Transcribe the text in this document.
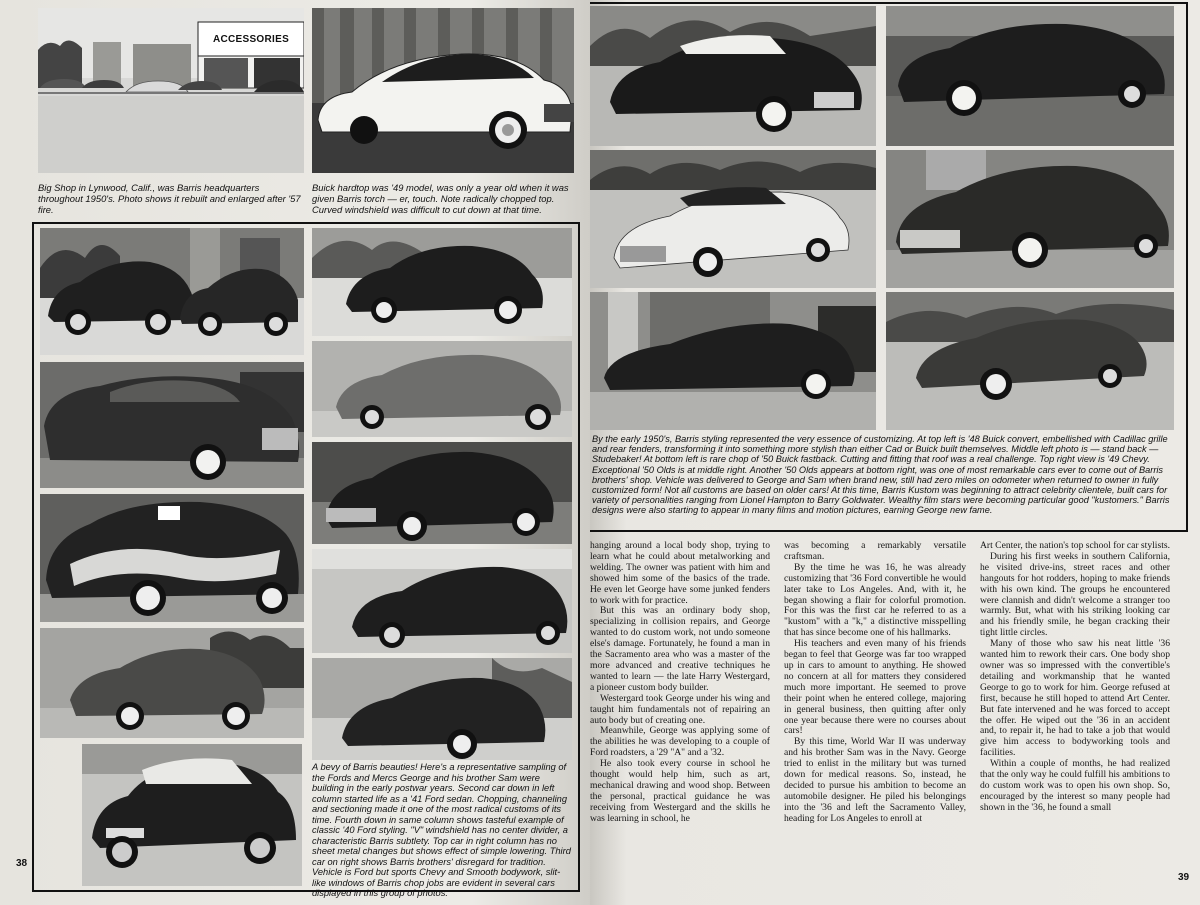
ACCESSORIES
Big Shop in Lynwood, Calif., was Barris headquarters throughout 1950's. Photo shows it rebuilt and enlarged after '57 fire.
Buick hardtop was '49 model, was only a year old when it was given Barris torch — er, touch. Note radically chopped top. Curved windshield was difficult to cut down at that time.
A bevy of Barris beauties! Here's a representative sampling of the Fords and Mercs George and his brother Sam were building in the early postwar years. Second car down in left column started life as a '41 Ford sedan. Chopping, channeling and sectioning made it one of the most radical customs of its time. Fourth down in same column shows tasteful example of classic '40 Ford styling. "V" windshield has no center divider, a characteristic Barris subtlety. Top car in right column has no sheet metal changes but shows effect of simple lowering. Third car on right shows Barris brothers' disregard for tradition. Vehicle is Ford but sports Chevy and Smooth bodywork, slit-like windows of Barris chop jobs are evident in several cars displayed in this group of photos.
38
By the early 1950's, Barris styling represented the very essence of customizing. At top left is '48 Buick convert, embellished with Cadillac grille and rear fenders, transforming it into something more stylish than either Cad or Buick built themselves. Middle left photo is — stand back — Studebaker! At bottom left is rare chop of '50 Buick fastback. Cutting and fitting that roof was a real challenge. Top right view is '49 Chevy. Exceptional '50 Olds is at middle right. Another '50 Olds appears at bottom right, was one of most remarkable cars ever to come out of Barris brothers' shop. Vehicle was delivered to George and Sam when brand new, still had zero miles on odometer when returned to owner in fully customized form! Not all customs are based on older cars! At this time, Barris Kustom was beginning to attract celebrity clientele, built cars for variety of personalities ranging from Lionel Hampton to Barry Goldwater. Wealthy film stars were becoming particular good "kustomers." Barris designs were also starting to appear in many films and motion pictures, earning George new fame.
39

hanging around a local body shop, trying to learn what he could about metalworking and welding. The owner was patient with him and showed him some of the basics of the trade. He even let George have some junked fenders to work with for practice.

But this was an ordinary body shop, specializing in collision repairs, and George wanted to do custom work, not undo someone else's damage. Fortunately, he found a man in the Sacramento area who was a master of the more advanced and creative techniques he wanted to learn — the late Harry Westergard, a pioneer custom body builder.

Westergard took George under his wing and taught him fundamentals not of repairing an auto body but of creating one.

Meanwhile, George was applying some of the abilities he was developing to a couple of Ford roadsters, a '29 "A" and a '32.

He also took every course in school he thought would help him, such as art, mechanical drawing and wood shop. Between the personal, practical guidance he was receiving from Westergard and the skills he was learning in school, he

was becoming a remarkably versatile craftsman.

By the time he was 16, he was already customizing that '36 Ford convertible he would later take to Los Angeles. And, with it, he began showing a flair for colorful promotion. For this was the first car he referred to as a "kustom" with a "k," a distinctive misspelling that has since become one of his hallmarks.

His teachers and even many of his friends began to feel that George was far too wrapped up in cars to amount to anything. He showed no concern at all for matters they considered much more important. He seemed to prove their point when he entered college, majoring in general business, then quitting after only one year because there were no courses about cars!

By this time, World War II was underway and his brother Sam was in the Navy. George tried to enlist in the military but was turned down for medical reasons. So, instead, he decided to pursue his ambition to become an automobile designer. He piled his belongings into the '36 and left the Sacramento Valley, heading for Los Angeles to enroll at

Art Center, the nation's top school for car stylists.

During his first weeks in southern California, he visited drive-ins, street races and other hangouts for hot rodders, hoping to make friends with his own kind. The groups he encountered were clannish and didn't welcome a stranger too warmly. But, what with his striking looking car and his friendly smile, he began cracking their tight little circles.

Many of those who saw his neat little '36 wanted him to rework their cars. One body shop owner was so impressed with the convertible's detailing and workmanship that he wanted George to go to work for him. George refused at first, because he still hoped to attend Art Center. But fate intervened and he was forced to accept the offer. He wiped out the '36 in an accident and, to repair it, he had to take a job that would give him access to bodyworking tools and facilities.

Within a couple of months, he had realized that the only way he could fulfill his ambitions to do custom work was to open his own shop. So, encouraged by the interest so many people had shown in the '36, he found a small
